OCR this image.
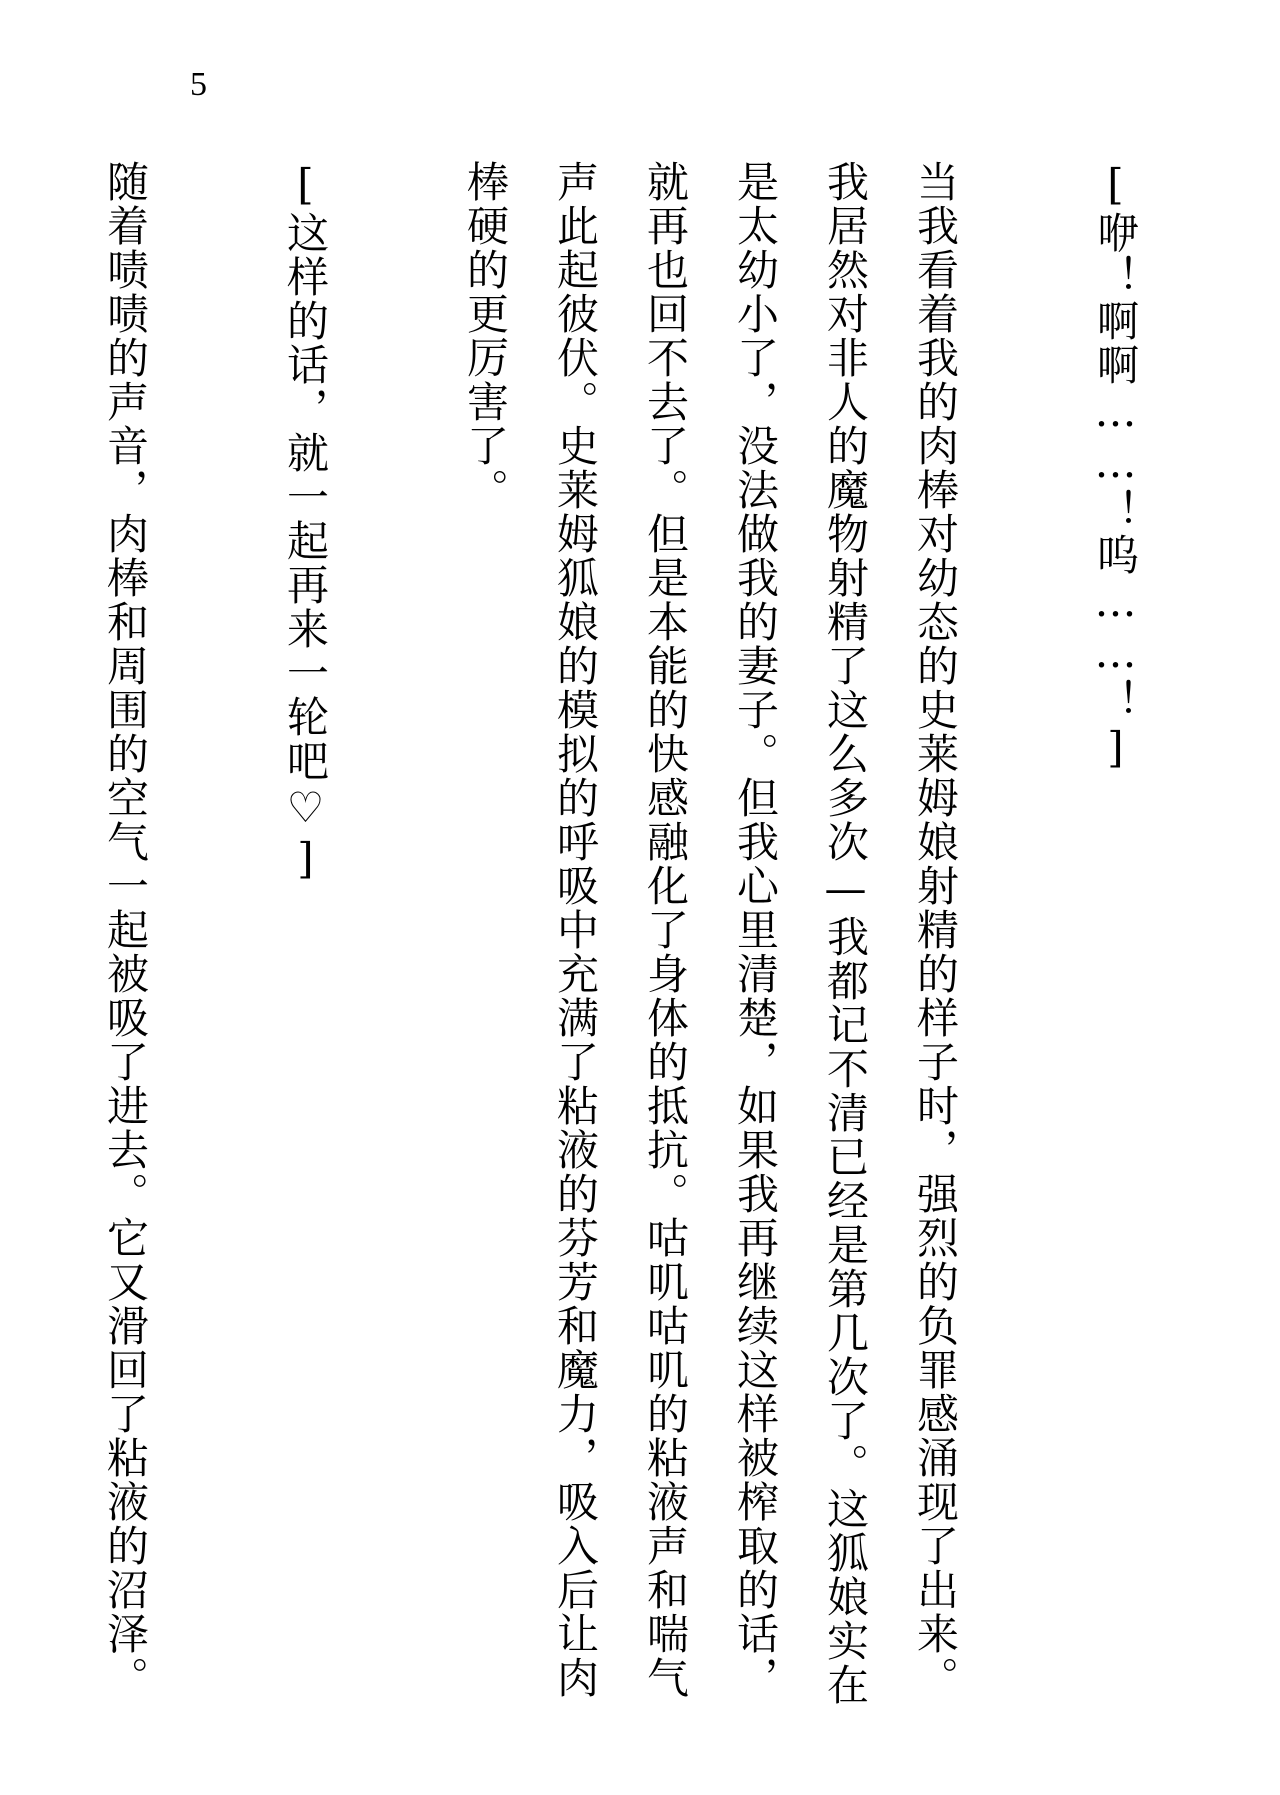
5

[咿！啊啊……！呜……！]

当我看着我的肉棒对幼态的史莱姆娘射精的样子时，强烈的负罪感涌现了出来。我居然对非人的魔物射精了这么多次—我都记不清已经是第几次了。这狐娘实在是太幼小了，没法做我的妻子。但我心里清楚，如果我再继续这样被榨取的话，就再也回不去了。但是本能的快感融化了身体的抵抗。咕叽咕叽的粘液声和喘气声此起彼伏。史莱姆狐娘的模拟的呼吸中充满了粘液的芬芳和魔力，吸入后让肉棒硬的更厉害了。

[这样的话，就一起再来一轮吧♡]

随着啧啧的声音，肉棒和周围的空气一起被吸了进去。它又滑回了粘液的沼泽。
